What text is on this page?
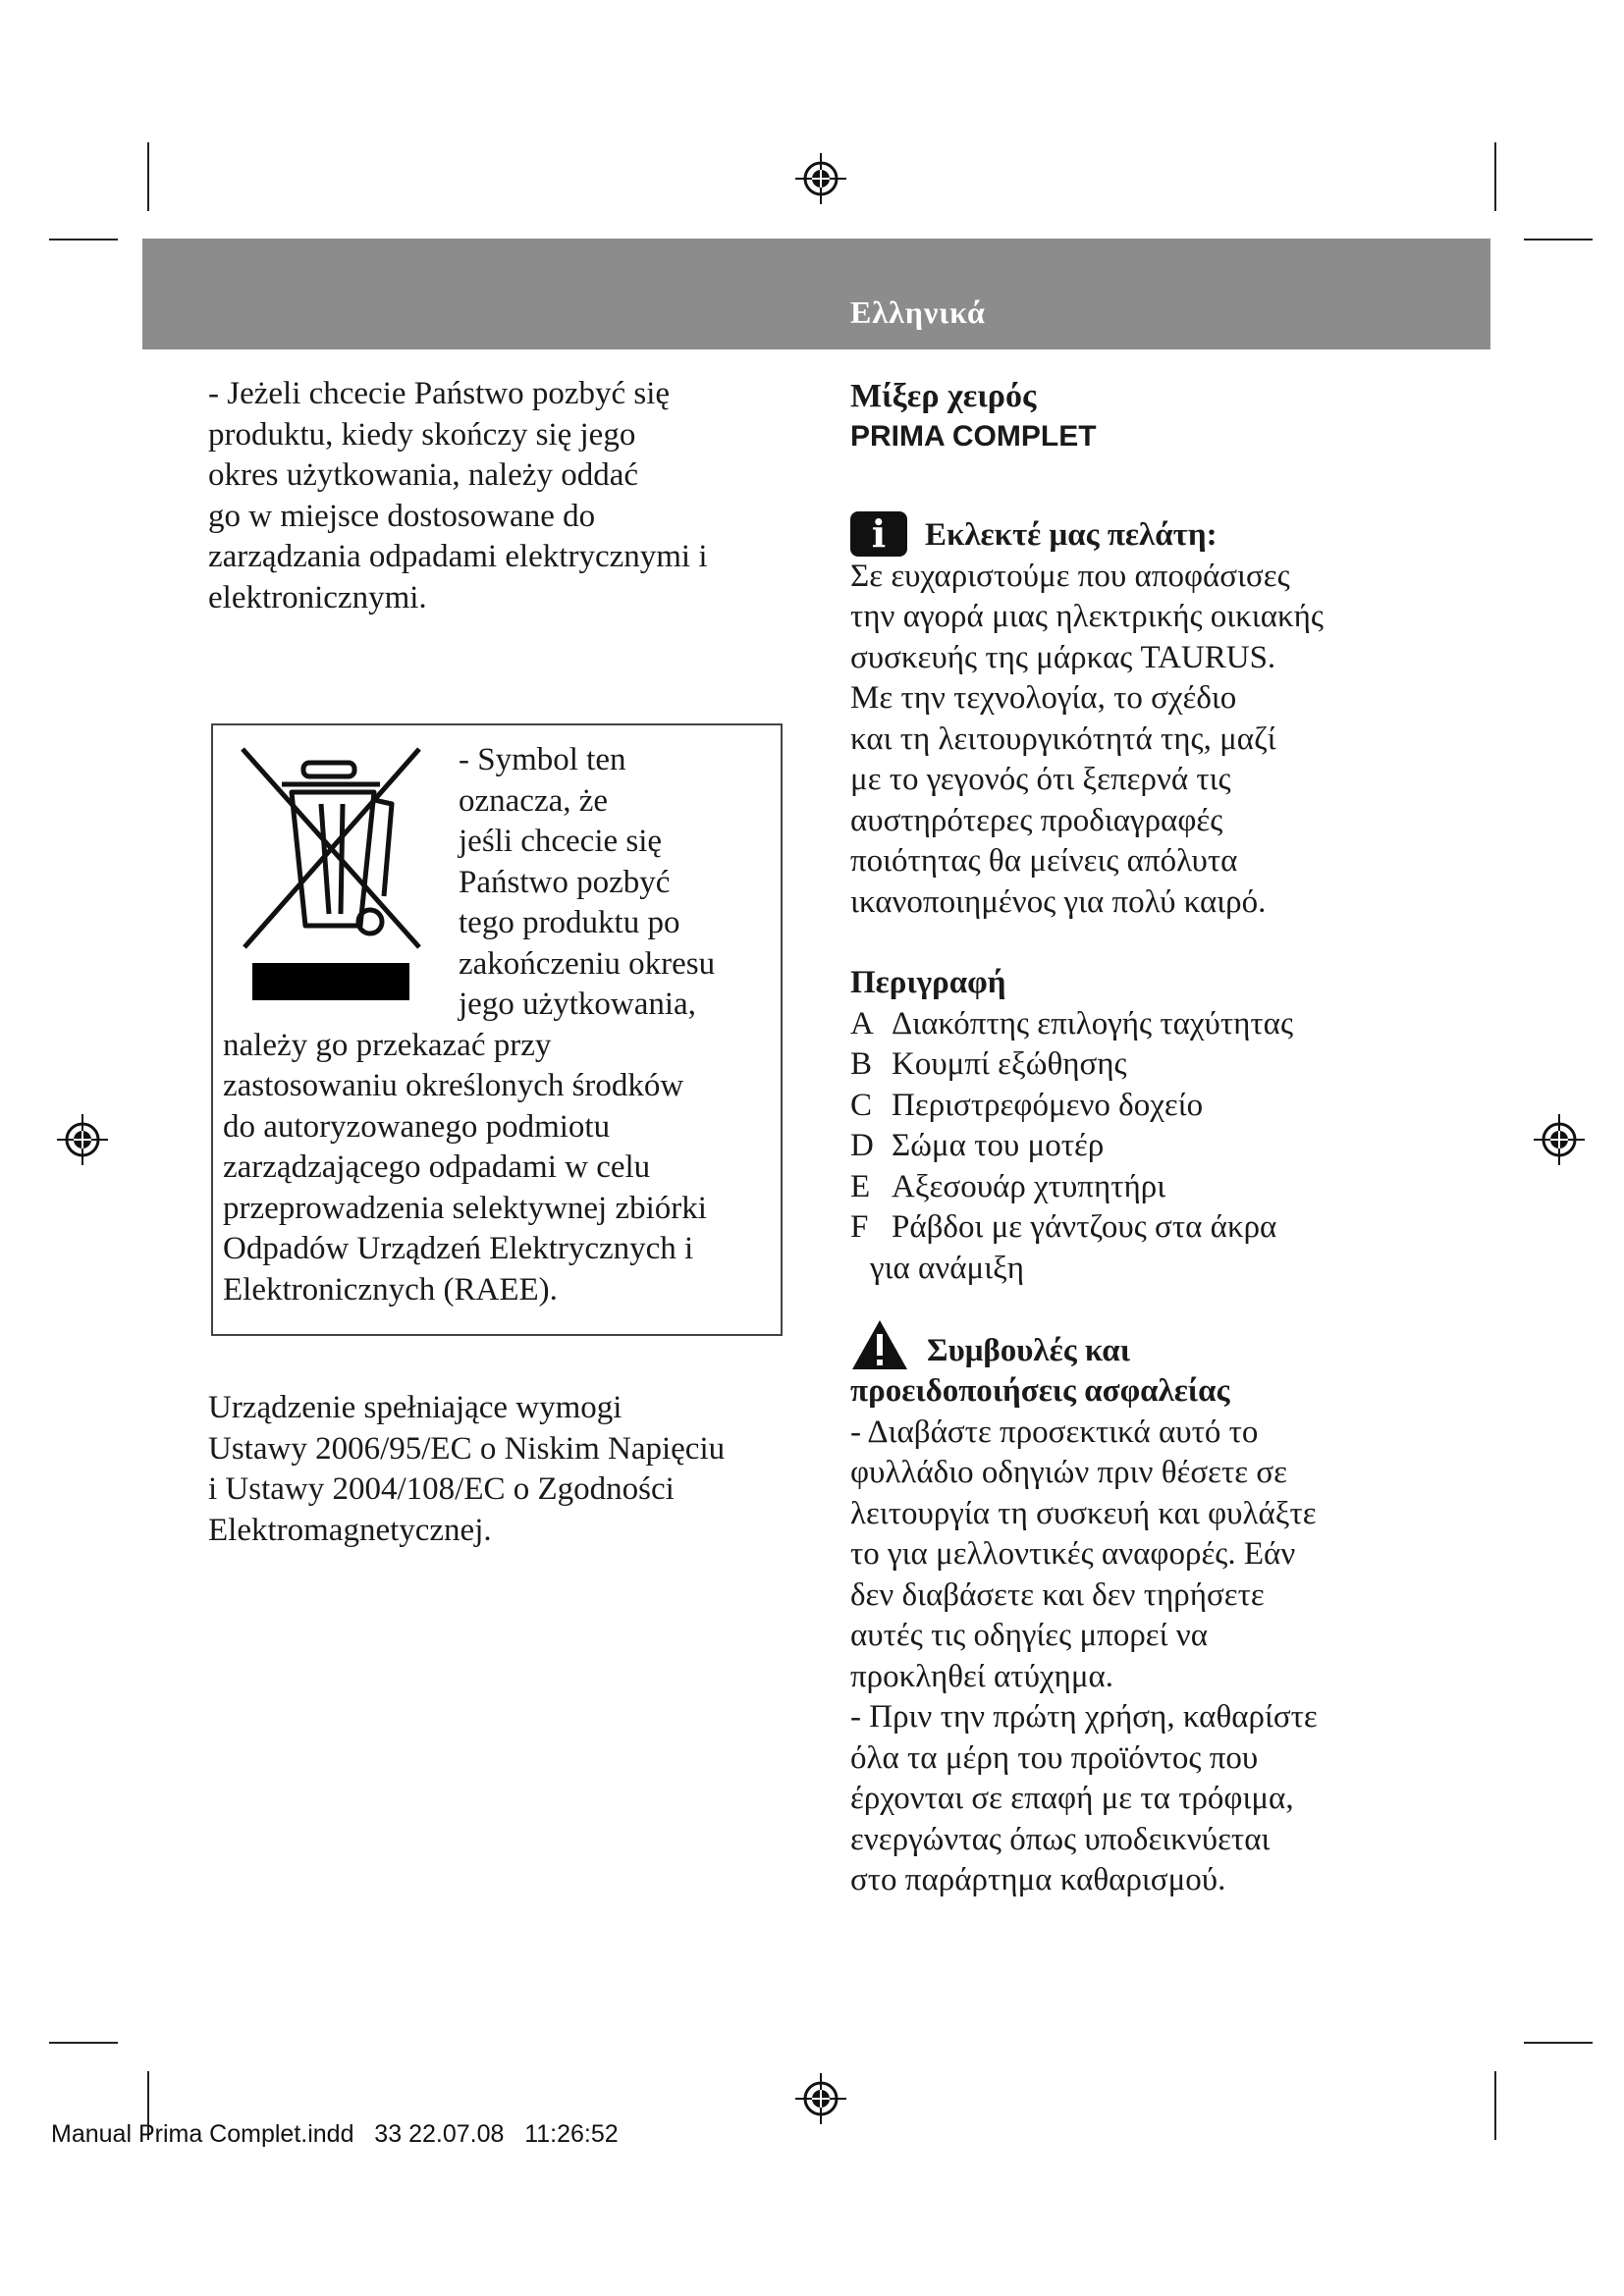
Ελληνικά

- Jeżeli chcecie Państwo pozbyć się

produktu, kiedy skończy się jego

okres użytkowania, należy oddać

go w miejsce dostosowane do

zarządzania odpadami elektrycznymi i

elektronicznymi.

- Symbol ten

oznacza, że

jeśli chcecie się

Państwo pozbyć

tego produktu po

zakończeniu okresu

jego użytkowania,

należy go przekazać przy

zastosowaniu określonych środków

do autoryzowanego podmiotu

zarządzającego odpadami w celu

przeprowadzenia selektywnej zbiórki

Odpadów Urządzeń Elektrycznych i

Elektronicznych (RAEE).

Urządzenie spełniające wymogi

Ustawy 2006/95/EC o Niskim Napięciu

i Ustawy 2004/108/EC o Zgodności

Elektromagnetycznej.

Μίξερ χειρός

PRIMA COMPLET

i	Εκλεκτέ μας πελάτη:

Σε ευχαριστούμε που αποφάσισες

την αγορά μιας ηλεκτρικής οικιακής

συσκευής της μάρκας TAURUS.

Με την τεχνολογία, το σχέδιο

και τη λειτουργικότητά της, μαζί

με το γεγονός ότι ξεπερνά τις

αυστηρότερες προδιαγραφές

ποιότητας θα μείνεις απόλυτα

ικανοποιημένος για πολύ καιρό.

Περιγραφή

A Διακόπτης επιλογής ταχύτητας
B Κουμπί εξώθησης
C Περιστρεφόμενο δοχείο
D Σώμα του μοτέρ
E Αξεσουάρ χτυπητήρι
F Ράβδοι με γάντζους στα άκρα

για ανάμιξη

Συμβουλές και

προειδοποιήσεις ασφαλείας

- Διαβάστε προσεκτικά αυτό το

φυλλάδιο οδηγιών πριν θέσετε σε

λειτουργία τη συσκευή και φυλάξτε

το για μελλοντικές αναφορές. Εάν

δεν διαβάσετε και δεν τηρήσετε

αυτές τις οδηγίες μπορεί να

προκληθεί ατύχημα.

- Πριν την πρώτη χρήση, καθαρίστε

όλα τα μέρη του προϊόντος που

έρχονται σε επαφή με τα τρόφιμα,

ενεργώντας όπως υποδεικνύεται

στο παράρτημα καθαρισμού.

Manual Prima Complet.indd   33 22.07.08   11:26:52
